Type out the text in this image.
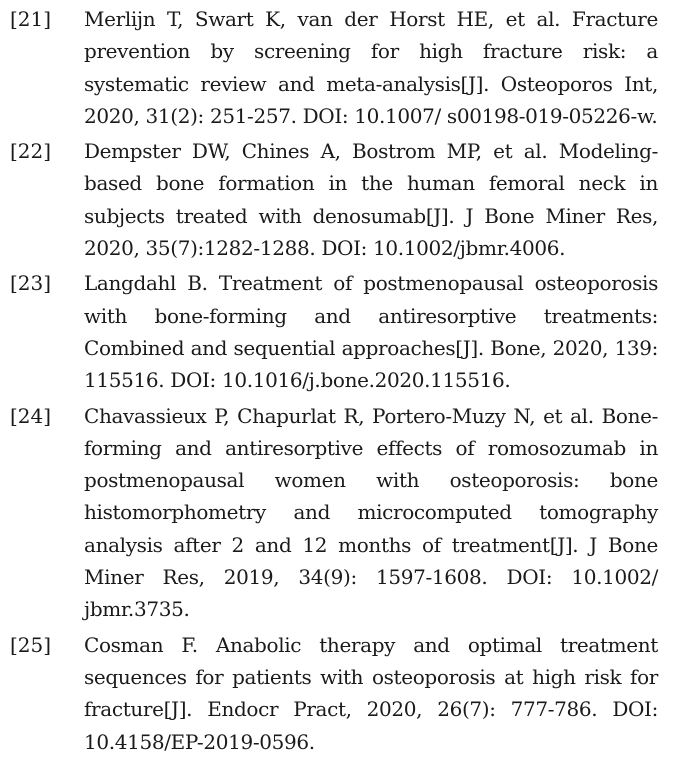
[21]	Merlijn T, Swart K, van der Horst HE, et al. Fracture prevention by screening for high fracture risk: a systematic review and meta-analysis[J]. Osteoporos Int, 2020, 31(2): 251-257. DOI: 10.1007/ s00198-019-05226-w.
[22]	Dempster DW, Chines A, Bostrom MP, et al. Modeling-based bone formation in the human femoral neck in subjects treated with denosumab[J]. J Bone Miner Res, 2020, 35(7):1282-1288. DOI: 10.1002/jbmr.4006.
[23]	Langdahl B. Treatment of postmenopausal osteoporosis with bone-forming and antiresorptive treatments: Combined and sequential approaches[J]. Bone, 2020, 139: 115516. DOI: 10.1016/j.bone.2020.115516.
[24]	Chavassieux P, Chapurlat R, Portero-Muzy N, et al. Bone-forming and antiresorptive effects of romosozumab in postmenopausal women with osteoporosis: bone histomorphometry and microcomputed tomography analysis after 2 and 12 months of treatment[J]. J Bone Miner Res, 2019, 34(9): 1597-1608. DOI: 10.1002/ jbmr.3735.
[25]	Cosman F. Anabolic therapy and optimal treatment sequences for patients with osteoporosis at high risk for fracture[J]. Endocr Pract, 2020, 26(7): 777-786. DOI: 10.4158/EP-2019-0596.
